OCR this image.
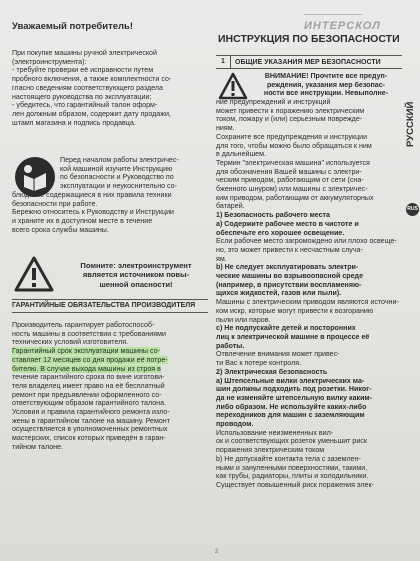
Уважаемый потребитель!	ИНТЕРСКОЛ

При покупке машины ручной электрической

(электроинструмента):

- требуйте проверки её исправности путем

пробного включения, а также комплектности со-

гласно сведениям соответствующего раздела

настоящего руководства по эксплуатации;

- убедитесь, что гарантийный талон оформ-

лен должным образом, содержит дату продажи,

штамп магазина и подпись продавца.

Перед началом работы электричес-

кой машиной изучите Инструкцию

по безопасности и Руководство по

эксплуатации и неукоснительно со-

блюдайте содержащиеся в них правила техники

безопасности при работе.

Бережно относитесь к Руководству и Инструкции

и храните их в доступном месте в течение

всего срока службы машины.

Помните: электроинструмент

является источником повы-

шенной опасности!

ГАРАНТИЙНЫЕ ОБЯЗАТЕЛЬСТВА ПРОИЗВОДИТЕЛЯ

Производитель гарантирует работоспособ-

ность машины в соответствии с требованиями

технических условий изготовителя.

Гарантийный срок эксплуатации машины со-

ставляет 12 месяцев со дня продажи её потре-

бителю. В случае выхода машины из строя в

течение гарантийного срока по вине изготови-

теля владелец имеет право на её бесплатный

ремонт при предъявлении оформленного со-

ответствующим образом гарантийного талона.

Условия и правила гарантийного ремонта изло-

жены в гарантийном талоне на машину. Ремонт

осуществляется в уполномоченных ремонтных

мастерских, список которых приведён в гаран-

тийном талоне.

ИНСТРУКЦИЯ ПО БЕЗОПАСНОСТИ
1	ОБЩИЕ УКАЗАНИЯ МЕР БЕЗОПАСНОСТИ

ВНИМАНИЕ! Прочтите все предуп-

реждения, указания мер безопас-

ности все инструкции. Невыполне-

ние предупреждений и инструкций

может привести к поражению электрическим

током, пожару и (или) серьезным поврежде-

ниям.

Сохраните все предупреждения и инструкции

для того, чтобы можно было обращаться к ним

в дальнейшем.

Термин "электрическая машина" используется

для обозначения Вашей машины с электри-

ческим приводом, работающим от сети (сна-

бженного шнуром) или машины с электричес-

ким приводом, работающим от аккумуляторных

батарей.

1) Безопасность рабочего места

а) Содержите рабочее место в чистоте и

обеспечьте его хорошее освещение.

Если рабочее место загромождено или плохо освеще-

но, это может привести к несчастным случа-

ям.

b) Не следует эксплуатировать электри-

ческие машины во взрывоопасной среде

(например, в присутствии воспламеняю-

щихся жидкостей, газов или пыли).

Машины с электрическим приводом являются источни-

ком искр, которые могут привести к возгоранию

пыли или паров.

c) Не подпускайте детей и посторонних

лиц к электрической машине в процессе её

работы.

Отвлечение внимания может привес-

ти Вас к потере контроля.

2) Электрическая безопасность

а) Штепсельные вилки электрических ма-

шин должны подходить под розетки. Никог-

да не изменяйте штепсельную вилку каким-

либо образом. Не используйте каких-либо

переходников для машин с заземляющим

проводом.

Использование неизмененных вил-

ок и соответствующих розеток уменьшит риск

поражения электрическим током

b) Не допускайте контакта тела с заземлен-

ными и зануленными поверхностями, такими,

как трубы, радиаторы, плиты и холодильники.

Существует повышенный риск поражения элек-

РУССКИЙ
RUS
2
